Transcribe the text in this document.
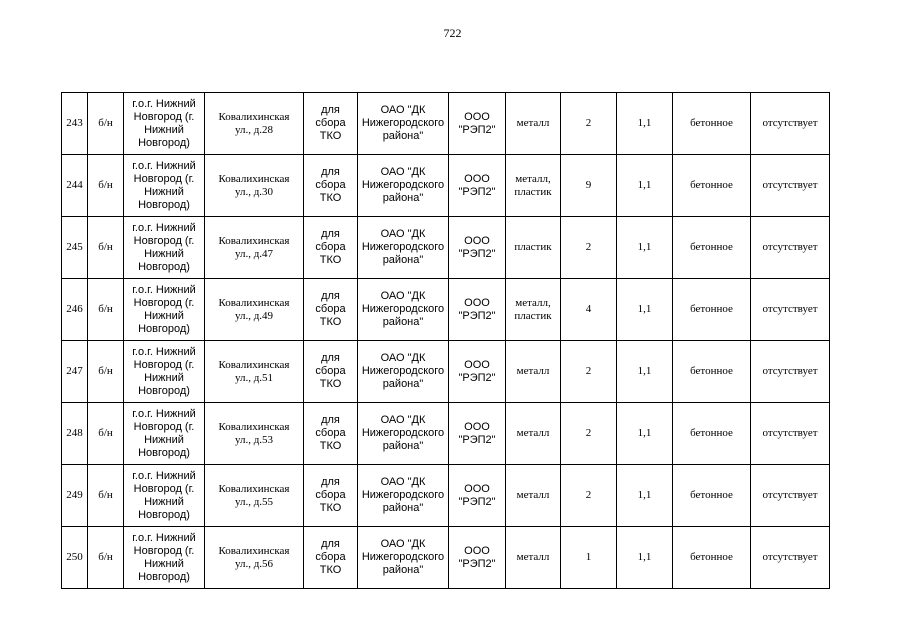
722
243	б/н	г.о.г. Нижний
Новгород (г.
Нижний
Новгород)	Ковалихинская
ул., д.28	для сбора
ТКО	ОАО "ДК
Нижегородского
района"	ООО
"РЭП2"	металл	2	1,1	бетонное	отсутствует
244	б/н	г.о.г. Нижний
Новгород (г.
Нижний
Новгород)	Ковалихинская
ул., д.30	для сбора
ТКО	ОАО "ДК
Нижегородского
района"	ООО
"РЭП2"	металл,
пластик	9	1,1	бетонное	отсутствует
245	б/н	г.о.г. Нижний
Новгород (г.
Нижний
Новгород)	Ковалихинская
ул., д.47	для сбора
ТКО	ОАО "ДК
Нижегородского
района"	ООО
"РЭП2"	пластик	2	1,1	бетонное	отсутствует
246	б/н	г.о.г. Нижний
Новгород (г.
Нижний
Новгород)	Ковалихинская
ул., д.49	для сбора
ТКО	ОАО "ДК
Нижегородского
района"	ООО
"РЭП2"	металл,
пластик	4	1,1	бетонное	отсутствует
247	б/н	г.о.г. Нижний
Новгород (г.
Нижний
Новгород)	Ковалихинская
ул., д.51	для сбора
ТКО	ОАО "ДК
Нижегородского
района"	ООО
"РЭП2"	металл	2	1,1	бетонное	отсутствует
248	б/н	г.о.г. Нижний
Новгород (г.
Нижний
Новгород)	Ковалихинская
ул., д.53	для сбора
ТКО	ОАО "ДК
Нижегородского
района"	ООО
"РЭП2"	металл	2	1,1	бетонное	отсутствует
249	б/н	г.о.г. Нижний
Новгород (г.
Нижний
Новгород)	Ковалихинская
ул., д.55	для сбора
ТКО	ОАО "ДК
Нижегородского
района"	ООО
"РЭП2"	металл	2	1,1	бетонное	отсутствует
250	б/н	г.о.г. Нижний
Новгород (г.
Нижний
Новгород)	Ковалихинская
ул., д.56	для сбора
ТКО	ОАО "ДК
Нижегородского
района"	ООО
"РЭП2"	металл	1	1,1	бетонное	отсутствует
